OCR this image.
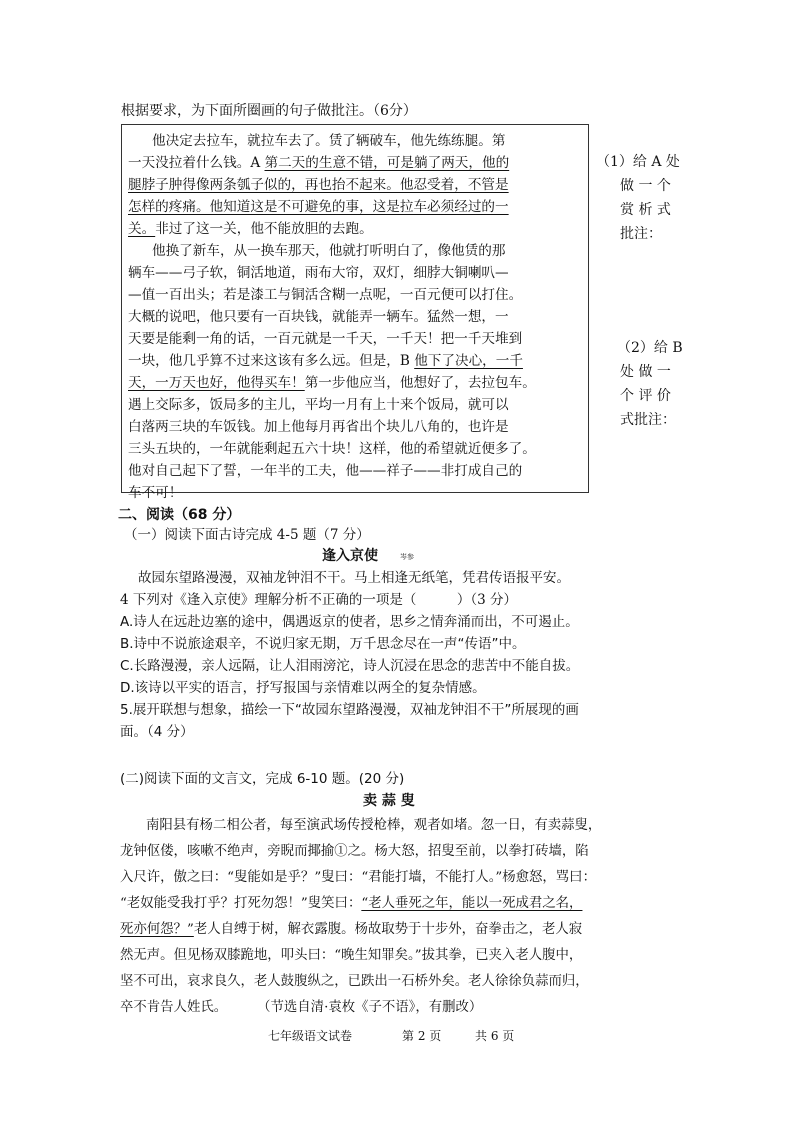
根据要求，为下面所圈画的句子做批注。（6分）
他决定去拉车，就拉车去了。赁了辆破车，他先练练腿。第
一天没拉着什么钱。A 第二天的生意不错，可是躺了两天，他的
腿脖子肿得像两条瓠子似的，再也抬不起来。他忍受着，不管是
怎样的疼痛。他知道这是不可避免的事，这是拉车必须经过的一
关。非过了这一关，他不能放胆的去跑。
他换了新车，从一换车那天，他就打听明白了，像他赁的那
辆车——弓子软，铜活地道，雨布大帘，双灯，细脖大铜喇叭—
—值一百出头；若是漆工与铜活含糊一点呢，一百元便可以打住。
大概的说吧，他只要有一百块钱，就能弄一辆车。猛然一想，一
天要是能剩一角的话，一百元就是一千天，一千天！把一千天堆到
一块，他几乎算不过来这该有多么远。但是，B 他下了决心，一千
天，一万天也好，他得买车！第一步他应当，他想好了，去拉包车。
遇上交际多，饭局多的主儿，平均一月有上十来个饭局，就可以
白落两三块的车饭钱。加上他每月再省出个块儿八角的，也许是
三头五块的，一年就能剩起五六十块！这样，他的希望就近便多了。
他对自己起下了誓，一年半的工夫，他——祥子——非打成自己的
车不可！
（1）给 A 处
做 一 个
赏 析 式
批注：
（2）给 B
处 做 一
个 评 价
式批注：
二、阅读（68 分）
（一）阅读下面古诗完成 4-5 题（7 分）
逢入京使	岑参
故园东望路漫漫，双袖龙钟泪不干。马上相逢无纸笔，凭君传语报平安。
4 下列对《逢入京使》理解分析不正确的一项是（　　　）（3 分）
A.诗人在远赴边塞的途中，偶遇返京的使者，思乡之情奔涌而出，不可遏止。
B.诗中不说旅途艰辛，不说归家无期，万千思念尽在一声“传语”中。
C.长路漫漫，亲人远隔，让人泪雨滂沱，诗人沉浸在思念的悲苦中不能自拔。
D.该诗以平实的语言，抒写报国与亲情难以两全的复杂情感。
5.展开联想与想象，描绘一下“故园东望路漫漫，双袖龙钟泪不干”所展现的画
面。（4 分）
(二)阅读下面的文言文，完成 6-10 题。(20 分)
卖 蒜 叟
南阳县有杨二相公者，每至演武场传授枪棒，观者如堵。忽一日，有卖蒜叟，
龙钟伛偻，咳嗽不绝声，旁睨而揶揄①之。杨大怒，招叟至前，以拳打砖墙，陷
入尺许，傲之曰：“叟能如是乎？”叟曰：“君能打墙，不能打人。”杨愈怒，骂曰：
“老奴能受我打乎？打死勿怨！”叟笑曰：“老人垂死之年，能以一死成君之名，
死亦何怨？”老人自缚于树，解衣露腹。杨故取势于十步外，奋拳击之，老人寂
然无声。但见杨双膝跪地，叩头曰：“晚生知罪矣。”拔其拳，已夹入老人腹中，
坚不可出，哀求良久，老人鼓腹纵之，已跌出一石桥外矣。老人徐徐负蒜而归，
卒不肯告人姓氏。 （节选自清·袁枚《子不语》，有删改）
七年级语文试卷	第 2 页	共 6 页
